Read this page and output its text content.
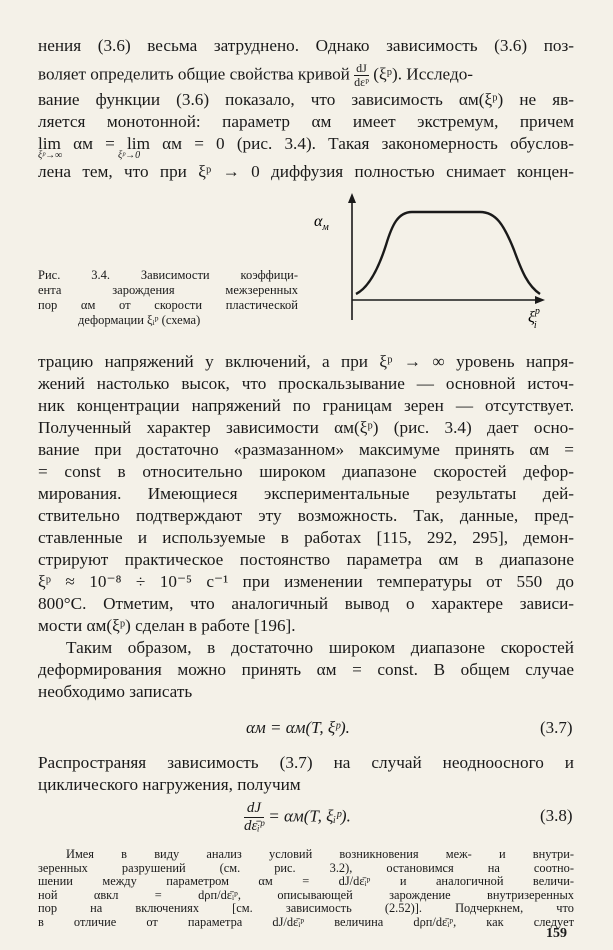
нения (3.6) весьма затруднено. Однако зависимость (3.6) поз-
воляет определить общие свойства кривой $\frac{dJ}{\text{dεᵖ}}$ (ξᵖ). Исследо-
вание функции (3.6) показало, что зависимость αм(ξᵖ) не яв-
ляется монотонной: параметр αм имеет экстремум, причем
lim αм = lim αм = 0 (рис. 3.4). Такая закономерность обуслов-
ξᵖ→∞	ξᵖ→0
лена тем, что при ξᵖ → 0 диффузия полностью снимает концен-
$\alpha_м$
$\xi^p$ i
Рис. 3.4. Зависимости коэффици-
ента зарождения межзеренных
пор αм от скорости пластической
деформации ξᵢᵖ (схема)
трацию напряжений у включений, а при ξᵖ → ∞ уровень напря-
жений настолько высок, что проскальзывание — основной источ-
ник концентрации напряжений по границам зерен — отсутствует.
Полученный характер зависимости αм(ξᵖ) (рис. 3.4) дает осно-
вание при достаточно «размазанном» максимуме принять αм =
= const в относительно широком диапазоне скоростей дефор-
мирования. Имеющиеся экспериментальные результаты дей-
ствительно подтверждают эту возможность. Так, данные, пред-
ставленные и используемые в работах [115, 292, 295], демон-
стрируют практическое постоянство параметра αм в диапазоне
ξᵖ ≈ 10⁻⁸ ÷ 10⁻⁵ с⁻¹ при изменении температуры от 550 до
800°С. Отметим, что аналогичный вывод о характере зависи-
мости αм(ξᵖ) сделан в работе [196].
Таким образом, в достаточно широком диапазоне скоростей
деформирования можно принять αм = const. В общем случае
необходимо записать
αм = αм(T, ξᵖ).	(3.7)
Распространяя зависимость (3.7) на случай неодноосного и
циклического нагружения, получим
$\frac{dJ}{\text{dε̄ᵢᵖ}} = \alpha м(T$, ξᵢᵖ).	(3.8)
159
Имея в виду анализ условий возникновения меж- и внутри-
зеренных разрушений (см. рис. 3.2), остановимся на соотно-
шении между параметром αм = dJ/dε̄ᵢᵖ и аналогичной величи-
ной αвкл = dρп/dε̄ᵢᵖ, описывающей зарождение внутризеренных
пор на включениях [см. зависимость (2.52)]. Подчеркнем, что
в отличие от параметра dJ/dε̄ᵢᵖ величина dρп/dε̄ᵢᵖ, как следует
